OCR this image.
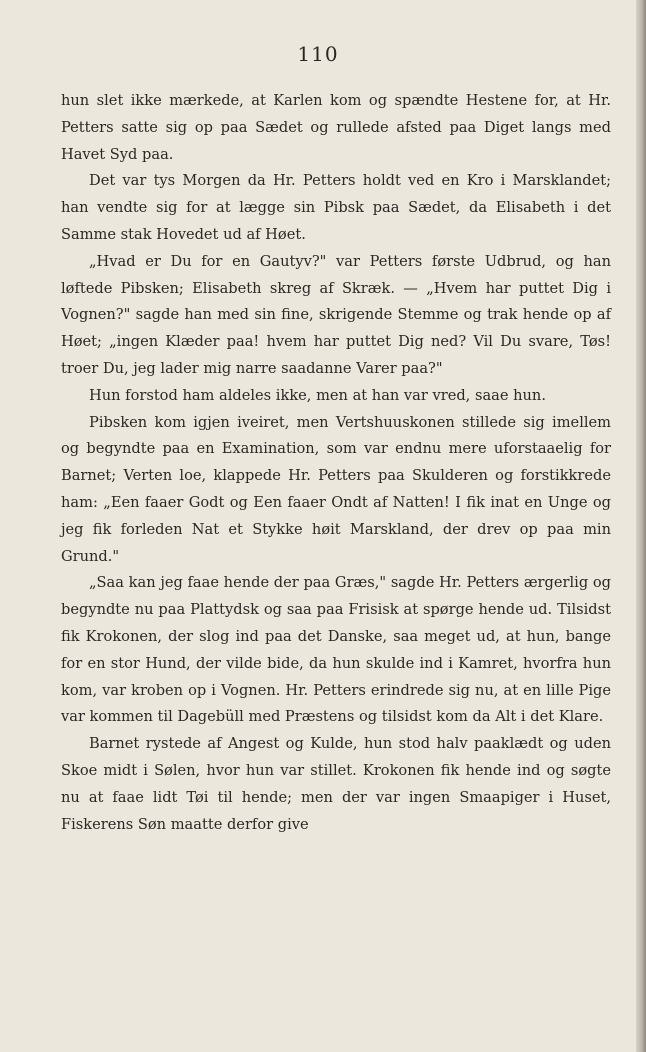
110

hun slet ikke mærkede, at Karlen kom og spændte Hestene for, at Hr. Petters satte sig op paa Sædet og rullede afsted paa Diget langs med Havet Syd paa.

Det var tys Morgen da Hr. Petters holdt ved en Kro i Marsklandet; han vendte sig for at lægge sin Pibsk paa Sædet, da Elisabeth i det Samme stak Hovedet ud af Høet.

„Hvad er Du for en Gautyv?" var Petters første Udbrud, og han løftede Pibsken; Elisabeth skreg af Skræk. — „Hvem har puttet Dig i Vognen?" sagde han med sin fine, skrigende Stemme og trak hende op af Høet; „ingen Klæder paa! hvem har puttet Dig ned? Vil Du svare, Tøs! troer Du, jeg lader mig narre saadanne Varer paa?"

Hun forstod ham aldeles ikke, men at han var vred, saae hun.

Pibsken kom igjen iveiret, men Vertshuuskonen stillede sig imellem og begyndte paa en Examination, som var endnu mere uforstaaelig for Barnet; Verten loe, klappede Hr. Petters paa Skulderen og forstikkrede ham: „Een faaer Godt og Een faaer Ondt af Natten! I fik inat en Unge og jeg fik forleden Nat et Stykke høit Marskland, der drev op paa min Grund."

„Saa kan jeg faae hende der paa Græs," sagde Hr. Petters ærgerlig og begyndte nu paa Plattydsk og saa paa Frisisk at spørge hende ud. Tilsidst fik Krokonen, der slog ind paa det Danske, saa meget ud, at hun, bange for en stor Hund, der vilde bide, da hun skulde ind i Kamret, hvorfra hun kom, var kroben op i Vognen. Hr. Petters erindrede sig nu, at en lille Pige var kommen til Dagebüll med Præstens og tilsidst kom da Alt i det Klare.

Barnet rystede af Angest og Kulde, hun stod halv paaklædt og uden Skoe midt i Sølen, hvor hun var stillet. Krokonen fik hende ind og søgte nu at faae lidt Tøi til hende; men der var ingen Smaapiger i Huset, Fiskerens Søn maatte derfor give
